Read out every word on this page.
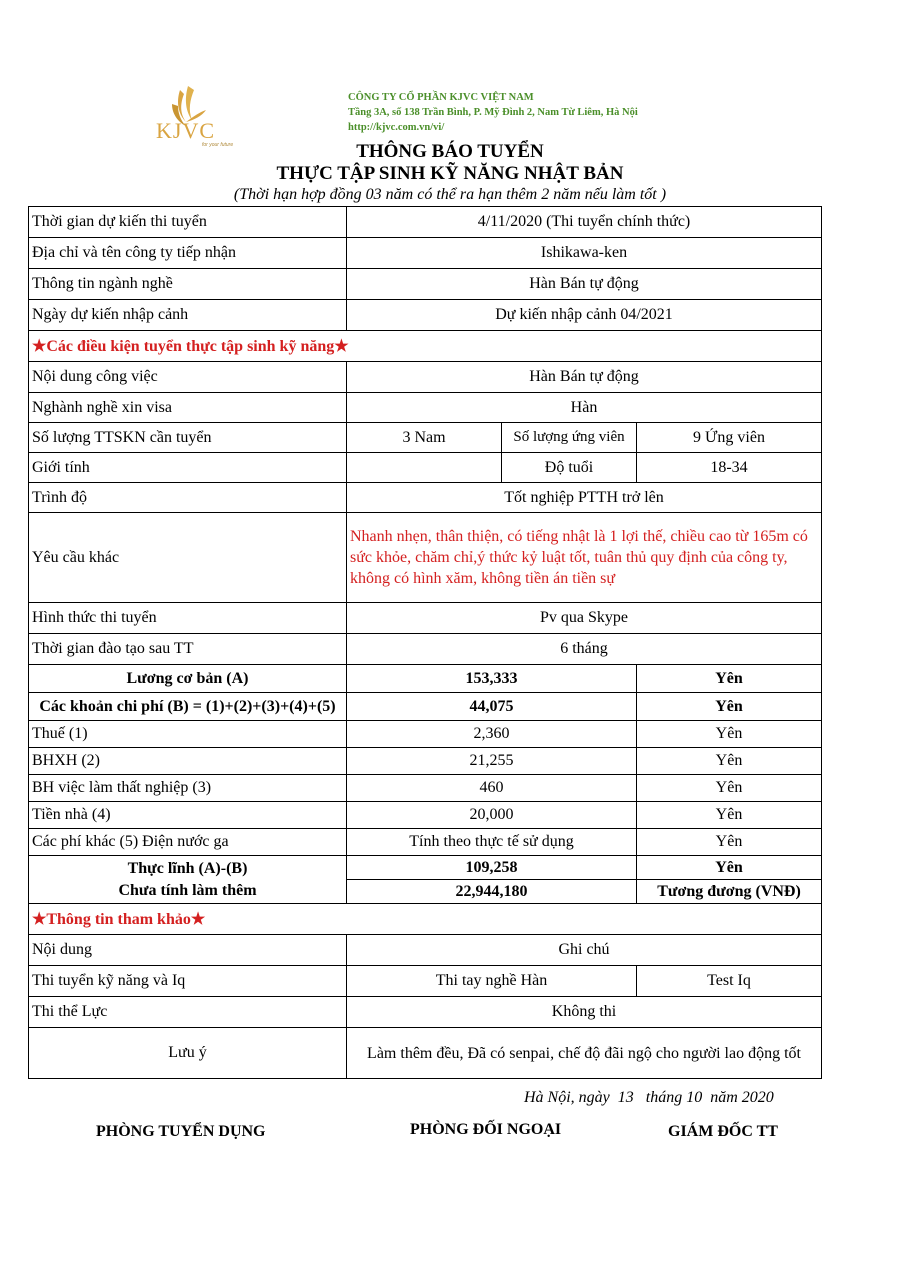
KJVC
for your future
CÔNG TY CỔ PHẦN KJVC VIỆT NAM
Tầng 3A, số 138 Trần Bình, P. Mỹ Đình 2, Nam Từ Liêm, Hà Nội
http://kjvc.com.vn/vi/
THÔNG BÁO TUYỂN
THỰC TẬP SINH KỸ NĂNG NHẬT BẢN
(Thời hạn hợp đồng 03 năm có thể ra hạn thêm 2 năm nếu làm tốt )
Thời gian dự kiến thi tuyển	4/11/2020 (Thi tuyển chính thức)		
Địa chỉ và tên công ty tiếp nhận	Ishikawa-ken		
Thông tin ngành nghề	Hàn Bán tự động		
Ngày dự kiến nhập cảnh	Dự kiến nhập cảnh 04/2021		
★Các điều kiện tuyển thực tập sinh kỹ năng★			
Nội dung công việc	Hàn Bán tự động		
Nghành nghề xin visa	Hàn		
Số lượng TTSKN cần tuyển	3 Nam	Số lượng ứng viên	9 Ứng viên
Giới tính		Độ tuổi	18-34
Trình độ	Tốt nghiệp PTTH trở lên		
Yêu cầu khác	Nhanh nhẹn, thân thiện, có tiếng nhật là 1 lợi thế, chiều cao từ 165m có sức khỏe, chăm chỉ,ý thức kỷ luật tốt, tuân thủ quy định của công ty, không có hình xăm, không tiền án tiền sự		
Hình thức thi tuyển	Pv qua Skype		
Thời gian đào tạo sau TT	6 tháng		
Lương cơ bản (A)	153,333		Yên
Các khoản chi phí (B) = (1)+(2)+(3)+(4)+(5)	44,075		Yên
Thuế (1)	2,360		Yên
BHXH (2)	21,255		Yên
BH việc làm thất nghiệp (3)	460		Yên
Tiền nhà (4)	20,000		Yên
Các phí khác (5) Điện nước ga	Tính theo thực tế sử dụng		Yên

Thực lĩnh (A)-(B)
Chưa tính làm thêm	109,258		Yên
	22,944,180		Tương đương (VNĐ)
★Thông tin tham khảo★			
Nội dung	Ghi chú		
Thi tuyển kỹ năng và Iq	Thi tay nghề Hàn		Test Iq
Thi thể Lực	Không thi		
Lưu ý	Làm thêm đều, Đã có senpai, chế độ đãi ngộ cho người lao động tốt		
Hà Nội, ngày  13   tháng 10  năm 2020
PHÒNG TUYỂN DỤNG	PHÒNG ĐỐI NGOẠI	GIÁM ĐỐC TT
